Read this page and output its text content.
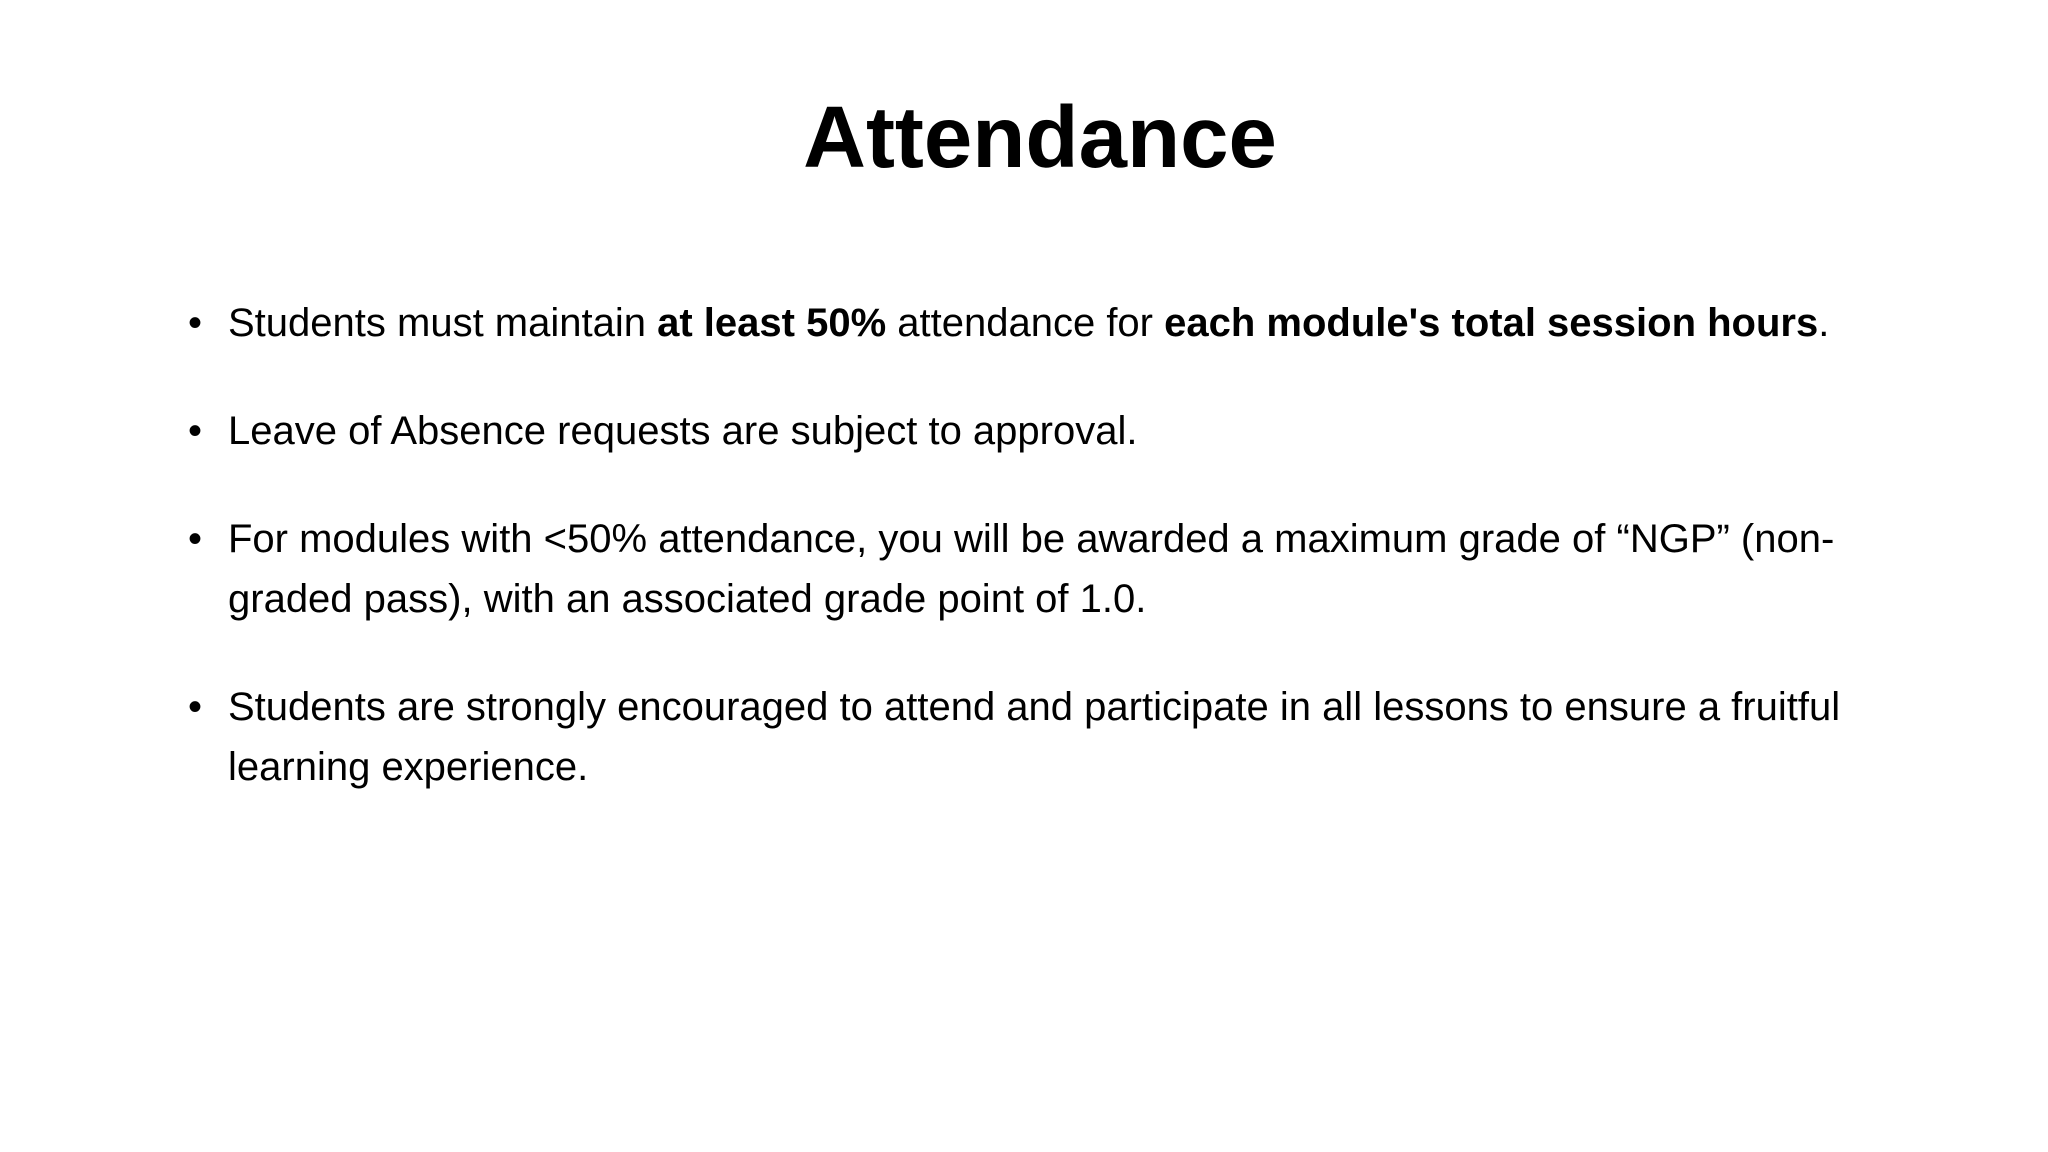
Attendance
• Students must maintain at least 50% attendance for each module's total session hours.
• Leave of Absence requests are subject to approval.
• For modules with <50% attendance, you will be awarded a maximum grade of “NGP” (non-graded pass), with an associated grade point of 1.0.
• Students are strongly encouraged to attend and participate in all lessons to ensure a fruitful learning experience.
